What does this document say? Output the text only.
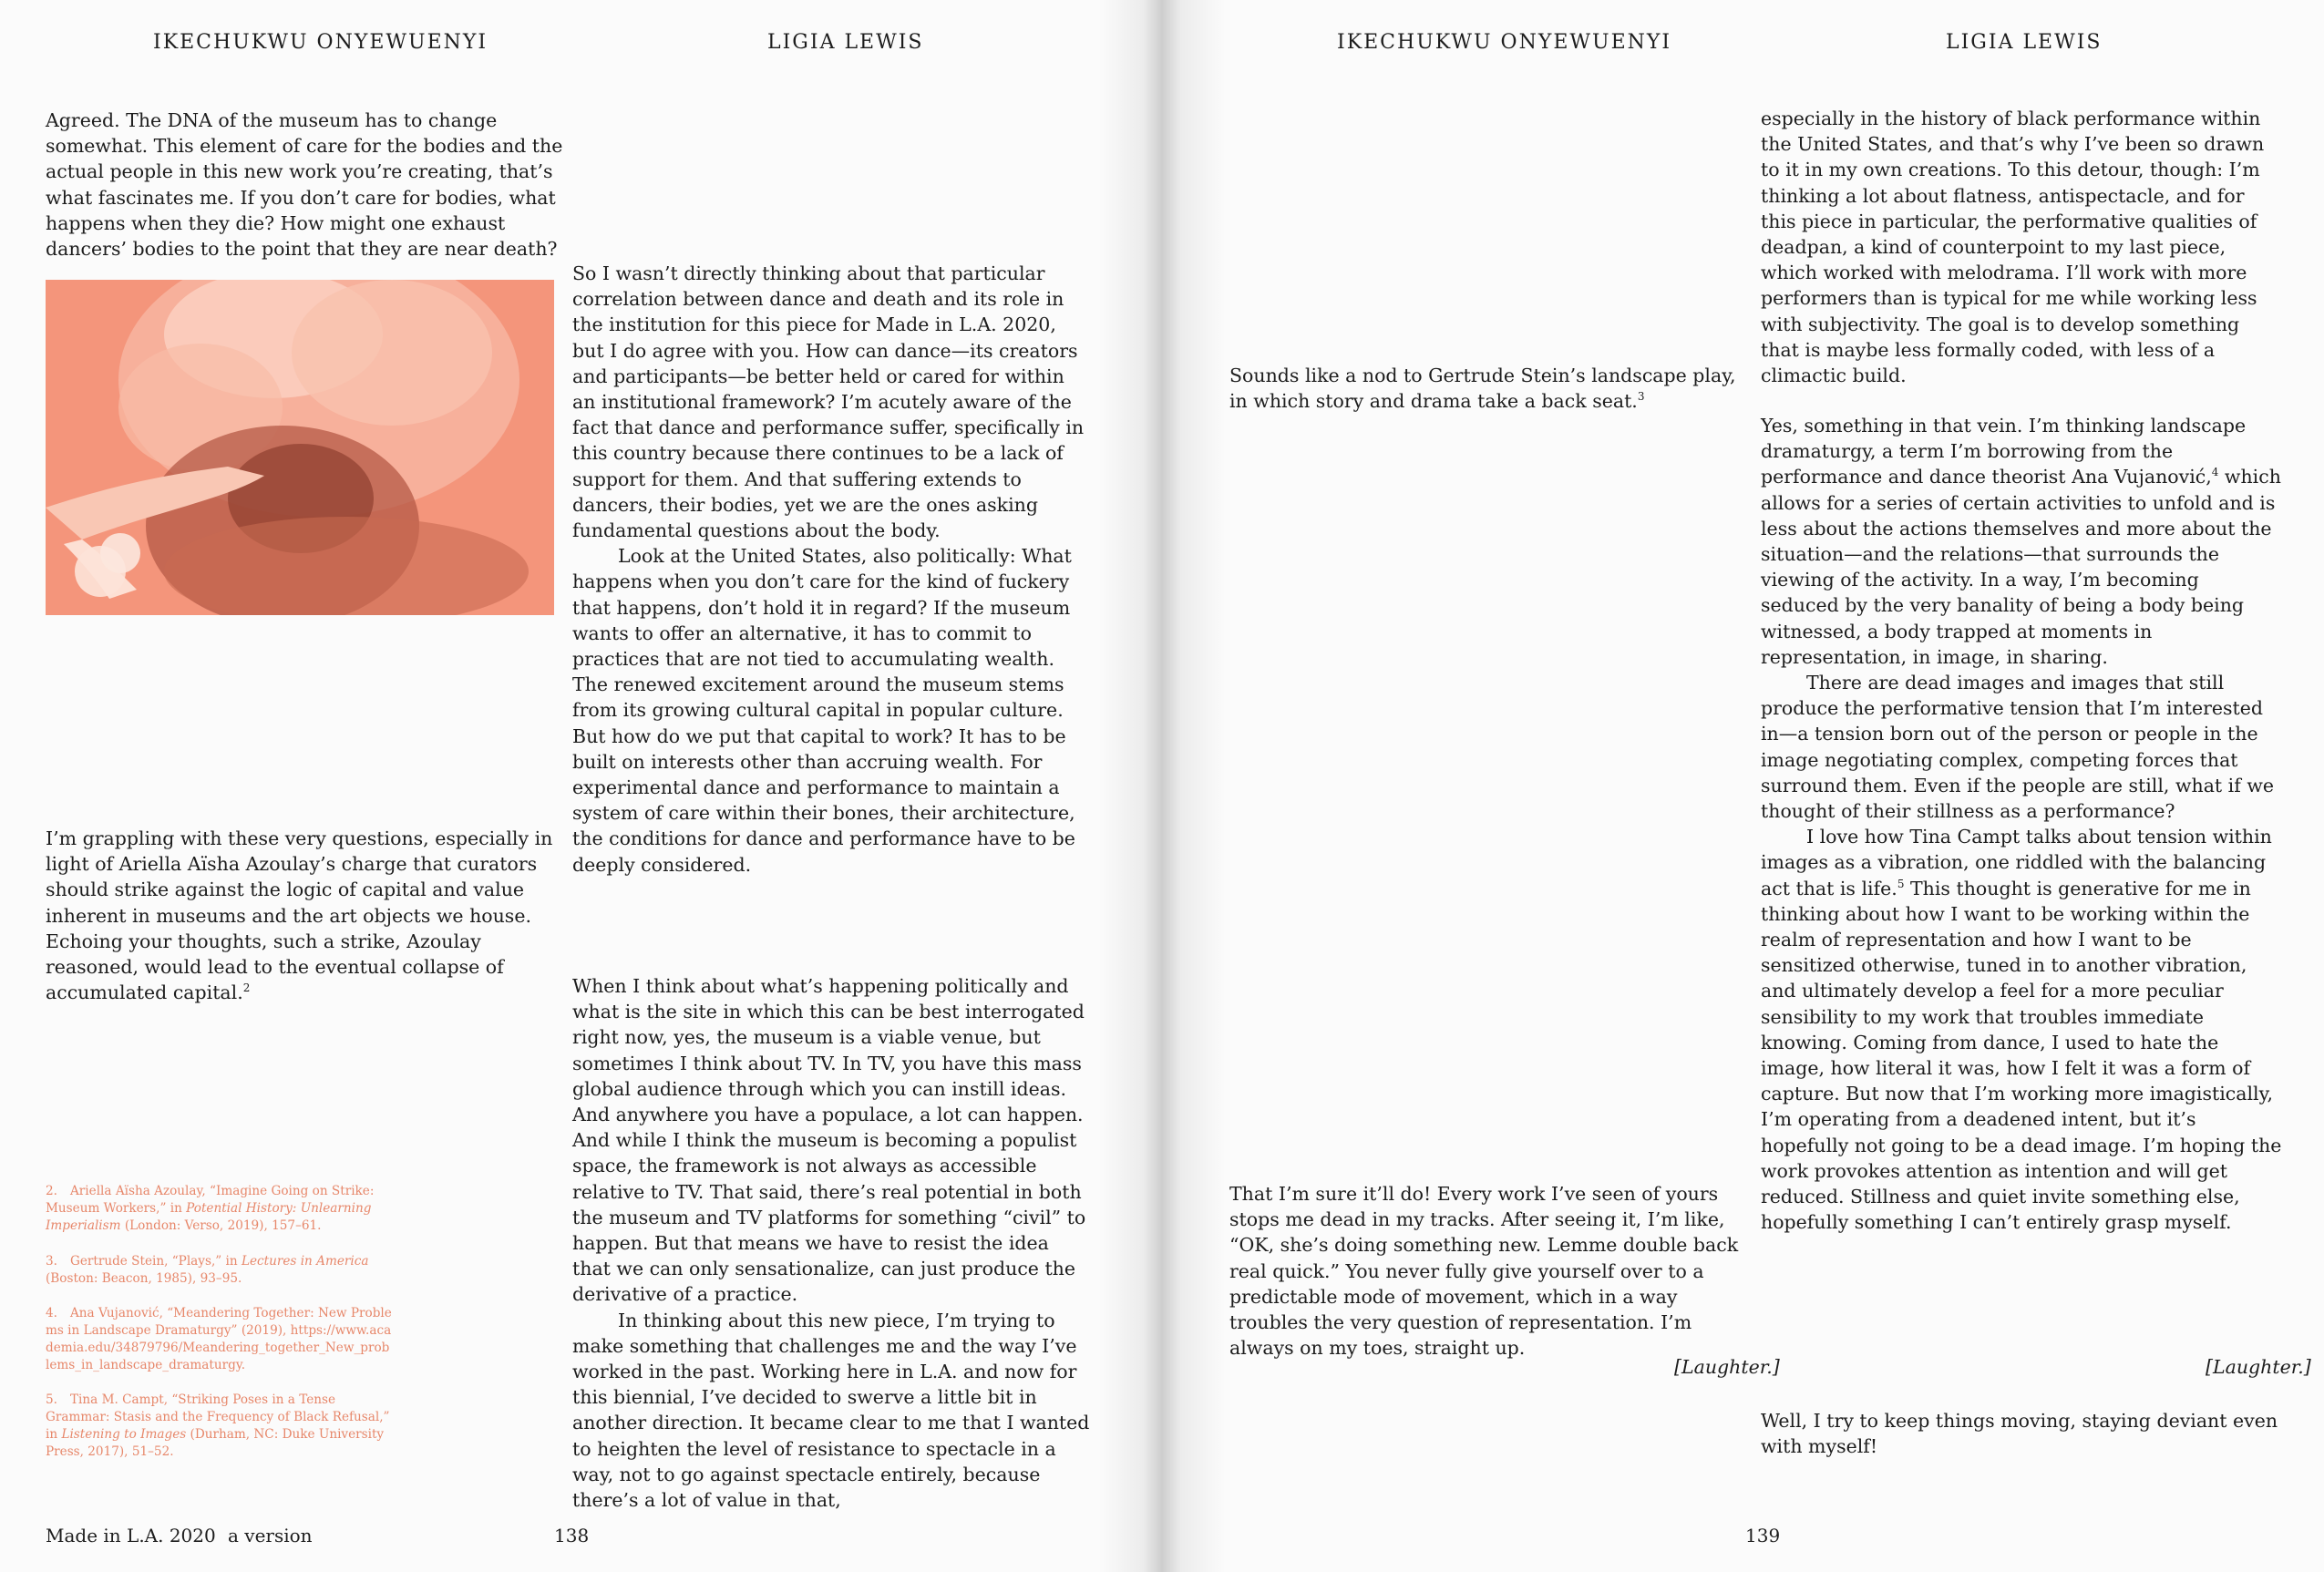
IKECHUKWU ONYEWUENYI	LIGIA LEWIS

Agreed. The DNA of the museum has to change somewhat. This element of care for the bodies and the actual people in this new work you’re creating, that’s what fascinates me. If you don’t care for bodies, what happens when they die? How might one exhaust dancers’ bodies to the point that they are near death?

I’m grappling with these very questions, especially in light of Ariella Aïsha Azoulay’s charge that curators should strike against the logic of capital and value inherent in museums and the art objects we house. Echoing your thoughts, such a strike, Azoulay reasoned, would lead to the eventual collapse of accumulated capital.$^2$

So I wasn’t directly thinking about that particular correlation between dance and death and its role in the institution for this piece for Made in L.A. 2020, but I do agree with you. How can dance—its creators and participants—be better held or cared for within an institutional framework? I’m acutely aware of the fact that dance and performance suffer, specifically in this country because there continues to be a lack of support for them. And that suffering extends to dancers, their bodies, yet we are the ones asking fundamental questions about the body.

Look at the United States, also politically: What happens when you don’t care for the kind of fuckery that happens, don’t hold it in regard? If the museum wants to offer an alternative, it has to commit to practices that are not tied to accumulating wealth. The renewed excitement around the museum stems from its growing cultural capital in popular culture. But how do we put that capital to work? It has to be built on interests other than accruing wealth. For experimental dance and performance to maintain a system of care within their bones, their architecture, the conditions for dance and performance have to be deeply considered.

When I think about what’s happening politically and what is the site in which this can be best interrogated right now, yes, the museum is a viable venue, but sometimes I think about TV. In TV, you have this mass global audience through which you can instill ideas. And anywhere you have a populace, a lot can happen. And while I think the museum is becoming a populist space, the framework is not always as accessible relative to TV. That said, there’s real potential in both the museum and TV platforms for something “civil” to happen. But that means we have to resist the idea that we can only sensationalize, can just produce the derivative of a practice.

In thinking about this new piece, I’m trying to make something that challenges me and the way I’ve worked in the past. Working here in L.A. and now for this biennial, I’ve decided to swerve a little bit in another direction. It became clear to me that I wanted to heighten the level of resistance to spectacle in a way, not to go against spectacle entirely, because there’s a lot of value in that,

2. Ariella Aïsha Azoulay, “Imagine Going on Strike: Museum Workers,” in Potential History: Unlearning Imperialism (London: Verso, 2019), 157–61.
3. Gertrude Stein, “Plays,” in Lectures in America (Boston: Beacon, 1985), 93–95.
4. Ana Vujanović, “Meandering Together: New Problems in Landscape Dramaturgy” (2019), https://www.academia.edu/34879796/Meandering_together_New_problems_in_landscape_dramaturgy.
5. Tina M. Campt, “Striking Poses in a Tense Grammar: Stasis and the Frequency of Black Refusal,” in Listening to Images (Durham, NC: Duke University Press, 2017), 51–52.
Made in L.A. 2020 a version	138
IKECHUKWU ONYEWUENYI	LIGIA LEWIS

Sounds like a nod to Gertrude Stein’s landscape play, in which story and drama take a back seat.$^3$

That I’m sure it’ll do! Every work I’ve seen of yours stops me dead in my tracks. After seeing it, I’m like, “OK, she’s doing something new. Lemme double back real quick.” You never fully give yourself over to a predictable mode of movement, which in a way troubles the very question of representation. I’m always on my toes, straight up.

[Laughter.]

especially in the history of black performance within the United States, and that’s why I’ve been so drawn to it in my own creations. To this detour, though: I’m thinking a lot about flatness, antispectacle, and for this piece in particular, the performative qualities of deadpan, a kind of counterpoint to my last piece, which worked with melodrama. I’ll work with more performers than is typical for me while working less with subjectivity. The goal is to develop something that is maybe less formally coded, with less of a climactic build.

Yes, something in that vein. I’m thinking landscape dramaturgy, a term I’m borrowing from the performance and dance theorist Ana Vujanović,$^4$ which allows for a series of certain activities to unfold and is less about the actions themselves and more about the situation—and the relations—that surrounds the viewing of the activity. In a way, I’m becoming seduced by the very banality of being a body being witnessed, a body trapped at moments in representation, in image, in sharing.

There are dead images and images that still produce the performative tension that I’m interested in—a tension born out of the person or people in the image negotiating complex, competing forces that surround them. Even if the people are still, what if we thought of their stillness as a performance?

I love how Tina Campt talks about tension within images as a vibration, one riddled with the balancing act that is life.$^5$ This thought is generative for me in thinking about how I want to be working within the realm of representation and how I want to be sensitized otherwise, tuned in to another vibration, and ultimately develop a feel for a more peculiar sensibility to my work that troubles immediate knowing. Coming from dance, I used to hate the image, how literal it was, how I felt it was a form of capture. But now that I’m working more imagistically, I’m operating from a deadened intent, but it’s hopefully not going to be a dead image. I’m hoping the work provokes attention as intention and will get reduced. Stillness and quiet invite something else, hopefully something I can’t entirely grasp myself.

[Laughter.]

Well, I try to keep things moving, staying deviant even with myself!

139
